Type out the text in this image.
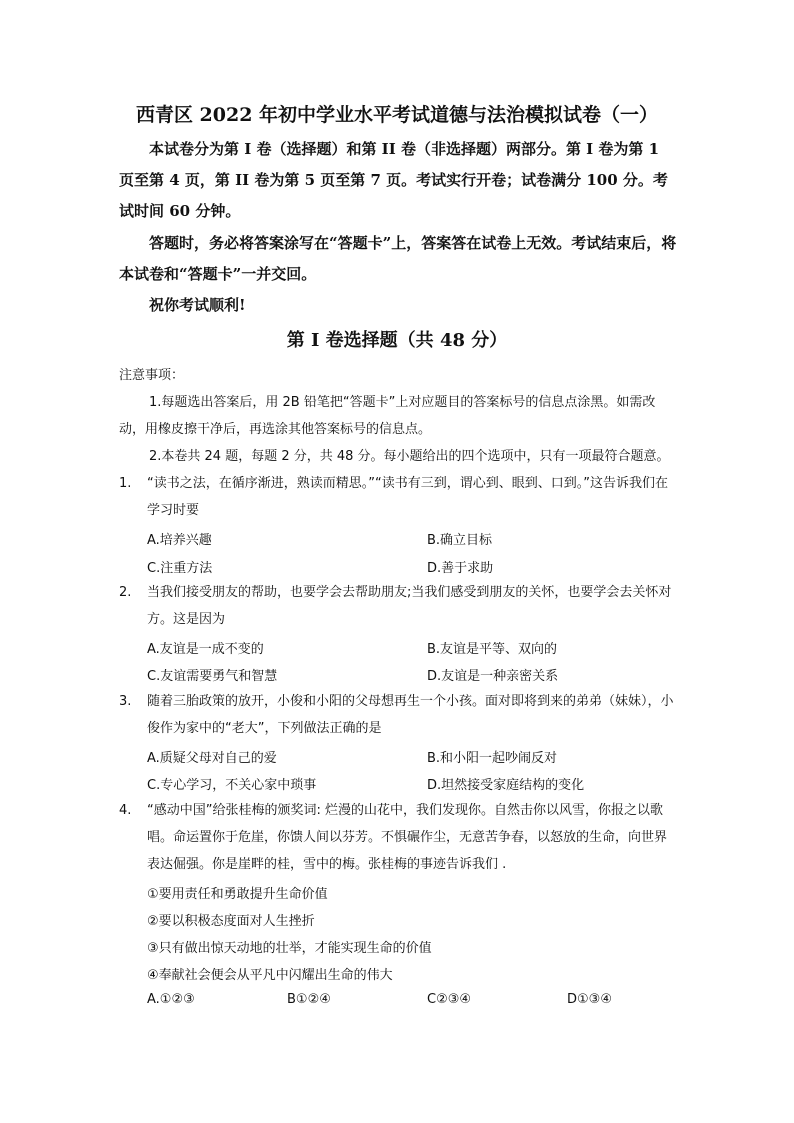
西青区 2022 年初中学业水平考试道德与法治模拟试卷（一）
本试卷分为第 I 卷（选择题）和第 II 卷（非选择题）两部分。第 I 卷为第 1 页至第 4 页，第 II 卷为第 5 页至第 7 页。考试实行开卷；试卷满分 100 分。考试时间 60 分钟。
答题时，务必将答案涂写在“答题卡”上，答案答在试卷上无效。考试结束后，将本试卷和“答题卡”一并交回。
祝你考试顺利!
第 I 卷选择题（共 48 分）
注意事项：
1.每题选出答案后，用 2B 铅笔把“答题卡”上对应题目的答案标号的信息点涂黑。如需改动，用橡皮擦干净后，再选涂其他答案标号的信息点。
2.本卷共 24 题，每题 2 分，共 48 分。每小题给出的四个选项中，只有一项最符合题意。
1. “读书之法，在循序渐进，熟读而精思。”“读书有三到，谓心到、眼到、口到。”这告诉我们在学习时要
A.培养兴趣	B.确立目标
C.注重方法	D.善于求助
2. 当我们接受朋友的帮助，也要学会去帮助朋友;当我们感受到朋友的关怀，也要学会去关怀对方。这是因为
A.友谊是一成不变的	B.友谊是平等、双向的
C.友谊需要勇气和智慧	D.友谊是一种亲密关系
3. 随着三胎政策的放开，小俊和小阳的父母想再生一个小孩。面对即将到来的弟弟（妹妹），小俊作为家中的“老大”，下列做法正确的是
A.质疑父母对自己的爱	B.和小阳一起吵闹反对
C.专心学习，不关心家中琐事	D.坦然接受家庭结构的变化
4. “感动中国”给张桂梅的颁奖词: 烂漫的山花中，我们发现你。自然击你以风雪，你报之以歌唱。命运置你于危崖，你馈人间以芬芳。不惧碾作尘，无意苦争春，以怒放的生命，向世界表达倔强。你是崖畔的桂，雪中的梅。张桂梅的事迹告诉我们 .
①要用责任和勇敢提升生命价值
②要以积极态度面对人生挫折
③只有做出惊天动地的壮举，才能实现生命的价值
④奉献社会便会从平凡中闪耀出生命的伟大
A.①②③	B①②④	C②③④	D①③④
